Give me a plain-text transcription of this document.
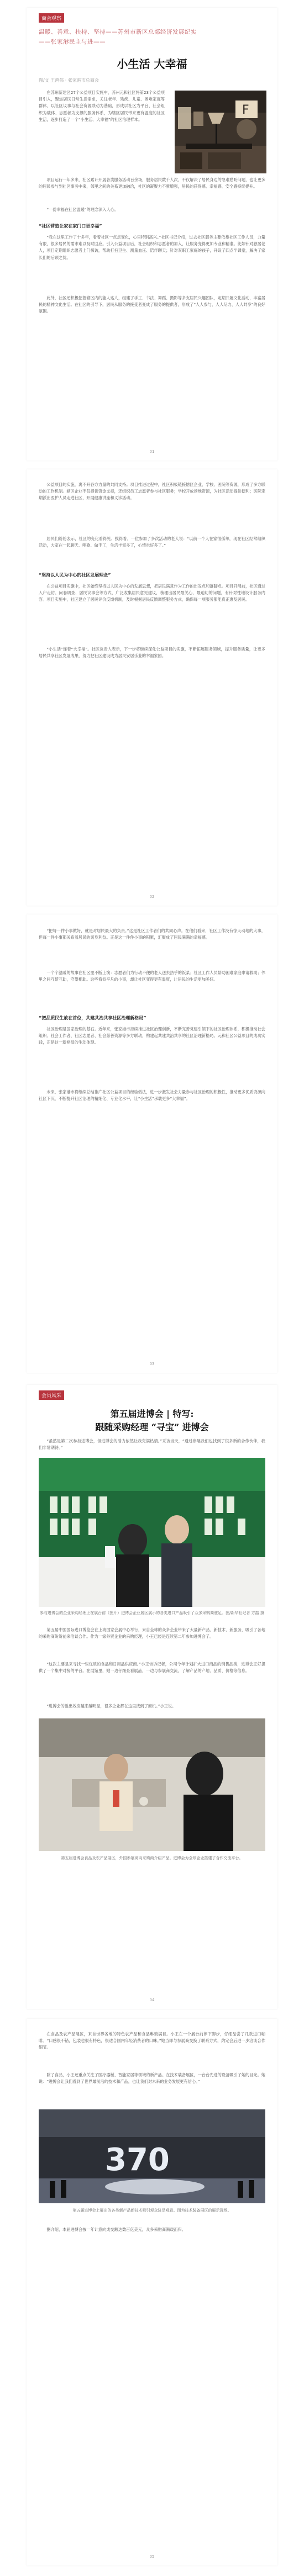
商会观察
温暖、善意、扶持、坚持——苏州市新区总部经济发展纪实
——张家港民主与进——
小生活 大幸福
图/文 王鸿伟 · 张家港市总商会

在苏州新建区27个公益项目实施中，苏州元和社区将第23个公益项目引入，聚焦居民日常生活需求，关注老年、残疾、儿童、困难家庭等群体，以社区议事与社会资源联动为基础，形成以社区为平台、社会组织为载体、志愿者为支撑的服务体系，为辖区居民带来更有温度的社区生活，逐步打造了一个“小生活、大幸福”的社区治理样本。

F

项目运行一年多来，社区累计开展各类服务活动百余场，服务居民数千人次，不仅解决了居民身边的急难愁盼问题，也让更多的居民参与到社区事务中来，邻里之间的关系更加融洽，社区的凝聚力不断增强，居民的获得感、幸福感、安全感持续提升。

“一份幸福在社区温暖”的理念深入人心。

“社区营造让家在家门口更幸福”

“我在这里工作了十多年，看着社区一点点变化，心里特别高兴。”社区书记介绍，过去社区服务主要依靠社区工作人员，力量有限，很多居民的需求难以及时回应。引入公益项目后，社会组织和志愿者的加入，让服务变得更加专业和精准。比如针对独居老人，项目定期组织志愿者上门探访，帮助打扫卫生、测量血压、陪伴聊天；针对双职工家庭的孩子，开设了四点半课堂，解决了家长们的后顾之忧。

此外，社区还积极挖掘辖区内的能人达人，组建了手工、书法、舞蹈、摄影等多支居民兴趣团队，定期开展文化活动，丰富居民的精神文化生活。在社区的引导下，居民从服务的接受者变成了服务的提供者，形成了“人人参与、人人尽力、人人共享”的良好氛围。

01

公益项目的实施，离不开各方力量的共同支持。项目推进过程中，社区积极链接辖区企业、学校、医院等资源，形成了多方联动的工作机制。辖区企业不仅提供资金支持，还组织员工志愿者参与社区服务；学校开放场地资源，为社区活动提供便利；医院定期派出医护人员走进社区，开展健康讲座和义诊活动。

居民们纷纷表示，社区的变化看得见、摸得着。一位参加了多次活动的老人说：“以前一个人在家很孤单，现在社区经常组织活动，大家在一起聊天、唱歌、做手工，生活丰富多了，心情也好多了。”

“坚持以人民为中心的社区发展理念”

在公益项目实施中，社区始终坚持以人民为中心的发展思想，把居民满意作为工作的出发点和落脚点。项目开展前，社区通过入户走访、问卷调查、居民议事会等方式，广泛收集居民意见建议，梳理出居民最关心、最迫切的问题，有针对性地设计服务内容。项目实施中，社区建立了居民评价反馈机制，及时根据居民反馈调整服务方式，确保每一项服务都能真正惠及居民。

“小生活”连着“大幸福”。社区负责人表示，下一步将继续深化公益项目的实施，不断拓展服务领域，提升服务质量，让更多居民共享社区发展成果，努力把社区建设成为居民安居乐业的幸福家园。

02

“把每一件小事做好，就是对居民最大的负责。”这是社区工作者们的共同心声。在他们看来，社区工作没有惊天动地的大事，但每一件小事都关系着居民的切身利益。正是这一件件小事的积累，汇聚成了居民满满的幸福感。

一个个温暖的故事在社区里不断上演：志愿者们为行动不便的老人送去热乎的饭菜；社区工作人员帮助困难家庭申请救助；邻里之间互帮互助，守望相助。这些看似平凡的小事，却让社区变得更有温度，让居民的生活更加美好。

“把品质民生放在首位，共建共治共享社区治理新格局”

社区治理是国家治理的基石。近年来，张家港市持续推进社区治理创新，不断完善党建引领下的社区治理体系，积极推动社会组织、社会工作者、社区志愿者、社会慈善资源等多方联动，构建起共建共治共享的社区治理新格局。元和社区公益项目的成功实践，正是这一新格局的生动体现。

未来，张家港市将继续总结推广社区公益项目的经验做法，进一步激发社会力量参与社区治理的积极性，推动更多优质资源向社区下沉，不断提升社区治理的精细化、专业化水平，让“小生活”承载更多“大幸福”。

03
会员风采
第五届进博会 | 特写:
跟随采购经理 “寻宝” 进博会

“虽然是第二次参加进博会，但进博会的活力依然让我充满热情。”采访当天，“通过参展我们也找到了很多新的合作伙伴，我们非常期待。”

参与进博会的企业采购经理正在展台前（图片）进博会企业展区展示的各类进口产品吸引了众多采购商驻足。图/新华社记者 方喆 摄

第五届中国国际进口博览会在上海国家会展中心举行，来自全球的众多企业带来了大量新产品、新技术、新服务，吸引了各地的采购商纷纷前来洽谈合作。作为一家外贸企业的采购经理，小王已经是连续第二年参加进博会了。

“这次主要是来寻找一些优质的食品和日用品供应商。”小王告诉记者，公司今年计划扩大进口商品的销售品类，进博会正好提供了一个集中对接的平台。在展馆里，她一边仔细查看展品，一边与参展商交流，了解产品的产地、品质、价格等信息。

“进博会的溢出效应越来越明显，很多企业都在这里找到了商机。”小王说。

第五届进博会食品及农产品展区，外国参展商向采购商介绍产品。进博会为全球企业搭建了合作交流平台。
04

在食品及农产品展区，来自世界各地的特色农产品和食品琳琅满目。小王在一个展台前停下脚步，仔细品尝了几款进口咖啡。“口感很不错，包装也很有特色，很适合国内年轻消费者的口味。”她当即与参展商交换了联系方式，约定会后进一步洽谈合作细节。

除了食品，小王还重点关注了医疗器械、智能家居等领域的新产品。在技术装备展区，一台台先进的设备吸引了她的目光。她说：“进博会让我们看到了世界最前沿的技术和产品，也让我们对未来的业务发展更有信心。”

370
第五届进博会上展出的各类新产品新技术吸引观众驻足观看。图为技术装备展区的展示现场。

据介绍，本届进博会按一年计意向成交额达数百亿美元，众多采购商满载而归。

05
